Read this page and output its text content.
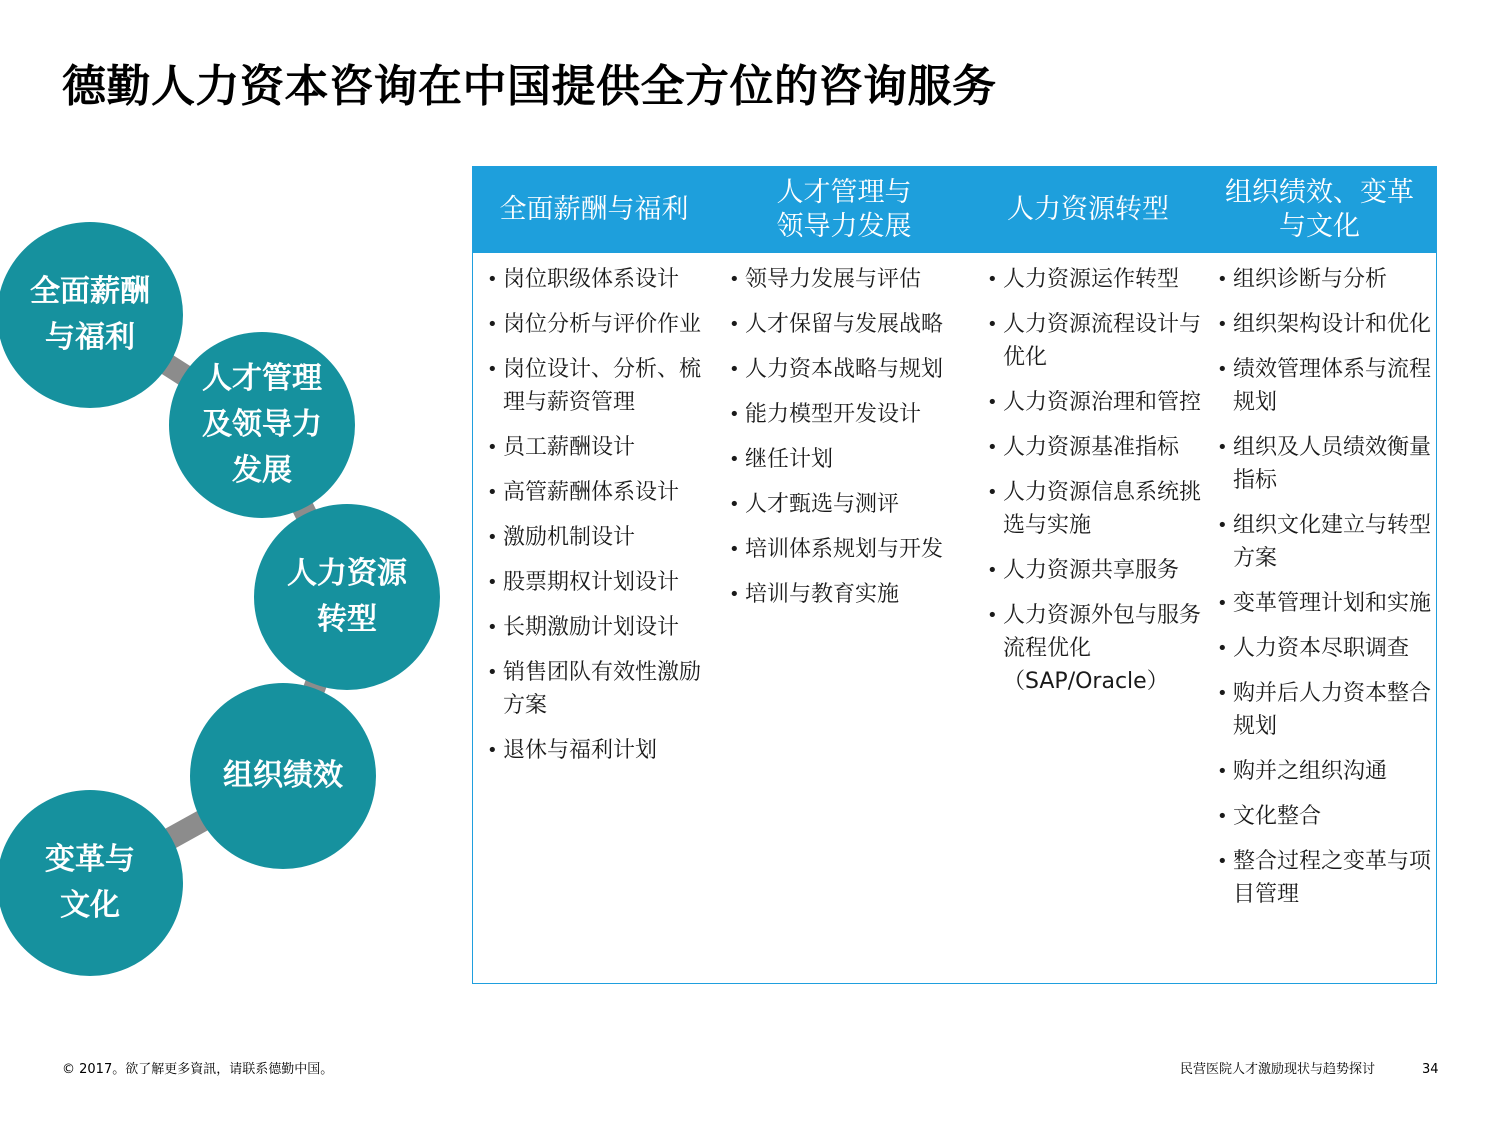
德勤人力资本咨询在中国提供全方位的咨询服务
全面薪酬
与福利
人才管理
及领导力
发展
人力资源
转型
组织绩效
变革与
文化
全面薪酬与福利
人才管理与
领导力发展
人力资源转型
组织绩效、变革
与文化
• 岗位职级体系设计
• 岗位分析与评价作业
• 岗位设计、分析、梳理与薪资管理
• 员工薪酬设计
• 高管薪酬体系设计
• 激励机制设计
• 股票期权计划设计
• 长期激励计划设计
• 销售团队有效性激励方案
• 退休与福利计划
• 领导力发展与评估
• 人才保留与发展战略
• 人力资本战略与规划
• 能力模型开发设计
• 继任计划
• 人才甄选与测评
• 培训体系规划与开发
• 培训与教育实施
• 人力资源运作转型
• 人力资源流程设计与优化
• 人力资源治理和管控
• 人力资源基准指标
• 人力资源信息系统挑选与实施
• 人力资源共享服务
• 人力资源外包与服务流程优化（SAP/Oracle）
• 组织诊断与分析
• 组织架构设计和优化
• 绩效管理体系与流程规划
• 组织及人员绩效衡量指标
• 组织文化建立与转型方案
• 变革管理计划和实施
• 人力资本尽职调查
• 购并后人力资本整合规划
• 购并之组织沟通
• 文化整合
• 整合过程之变革与项目管理
© 2017。欲了解更多資訊，请联系德勤中国。	民营医院人才激励现状与趋势探讨	34
